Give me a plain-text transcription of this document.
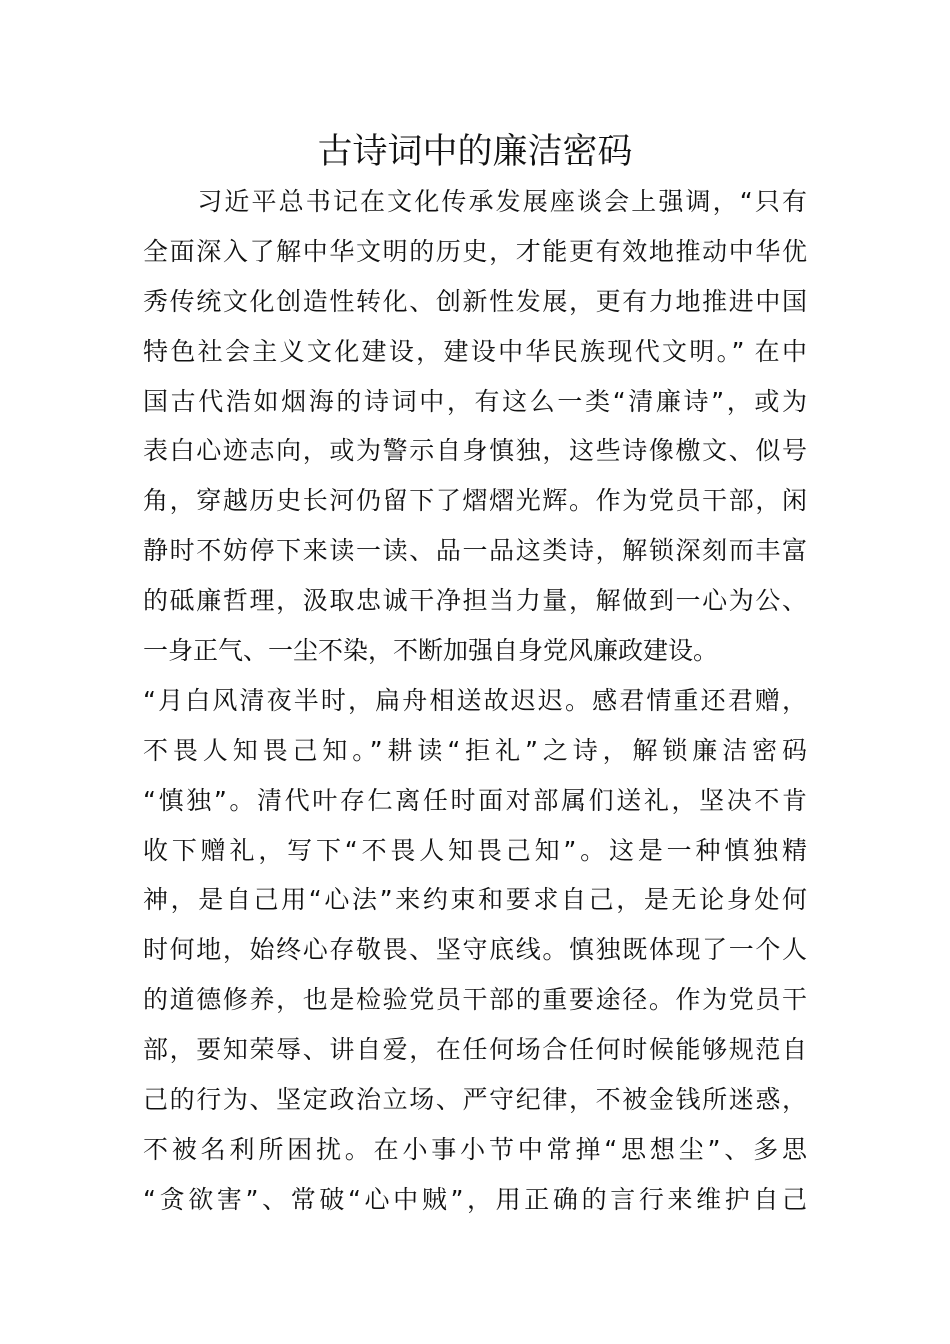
古诗词中的廉洁密码
　　习近平总书记在文化传承发展座谈会上强调，“只有
全面深入了解中华文明的历史，才能更有效地推动中华优
秀传统文化创造性转化、创新性发展，更有力地推进中国
特色社会主义文化建设，建设中华民族现代文明。” 在中
国古代浩如烟海的诗词中，有这么一类“清廉诗”，或为
表白心迹志向，或为警示自身慎独，这些诗像檄文、似号
角，穿越历史长河仍留下了熠熠光辉。作为党员干部，闲
静时不妨停下来读一读、品一品这类诗，解锁深刻而丰富
的砥廉哲理，汲取忠诚干净担当力量，解做到一心为公、
一身正气、一尘不染，不断加强自身党风廉政建设。
“月白风清夜半时，扁舟相送故迟迟。感君情重还君赠，
不畏人知畏己知。”耕读“拒礼”之诗，解锁廉洁密码
“慎独”。清代叶存仁离任时面对部属们送礼，坚决不肯
收下赠礼，写下“不畏人知畏己知”。这是一种慎独精
神，是自己用“心法”来约束和要求自己，是无论身处何
时何地，始终心存敬畏、坚守底线。慎独既体现了一个人
的道德修养，也是检验党员干部的重要途径。作为党员干
部，要知荣辱、讲自爱，在任何场合任何时候能够规范自
己的行为、坚定政治立场、严守纪律，不被金钱所迷惑，
不被名利所困扰。在小事小节中常掸“思想尘”、多思
“贪欲害”、常破“心中贼”，用正确的言行来维护自己
